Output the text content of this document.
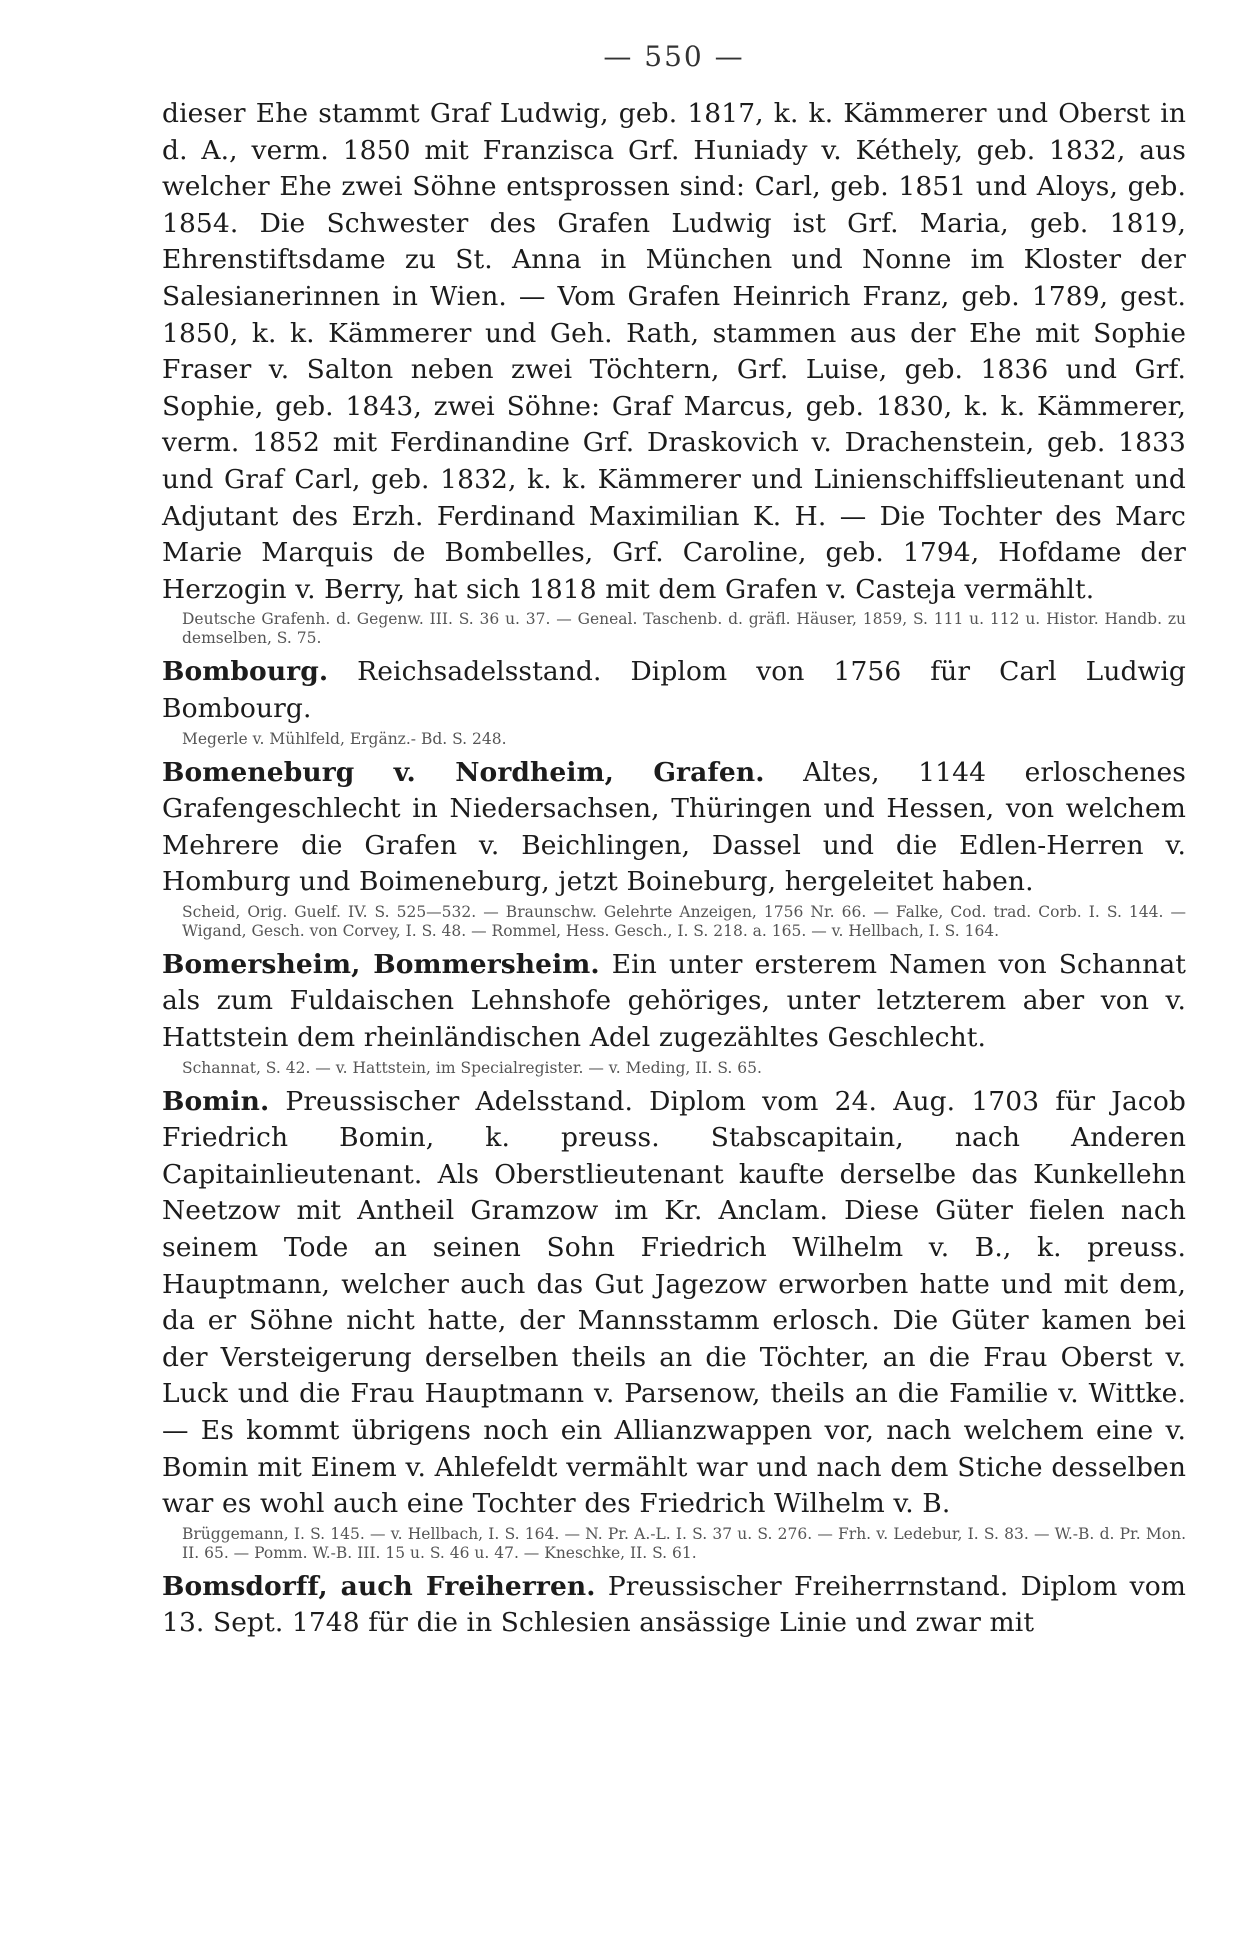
— 550 —

dieser Ehe stammt Graf Ludwig, geb. 1817, k. k. Kämmerer und Oberst in d. A., verm. 1850 mit Franzisca Grf. Huniady v. Kéthely, geb. 1832, aus welcher Ehe zwei Söhne entsprossen sind: Carl, geb. 1851 und Aloys, geb. 1854. Die Schwester des Grafen Ludwig ist Grf. Maria, geb. 1819, Ehrenstiftsdame zu St. Anna in München und Nonne im Kloster der Salesianerinnen in Wien. — Vom Grafen Heinrich Franz, geb. 1789, gest. 1850, k. k. Kämmerer und Geh. Rath, stammen aus der Ehe mit Sophie Fraser v. Salton neben zwei Töchtern, Grf. Luise, geb. 1836 und Grf. Sophie, geb. 1843, zwei Söhne: Graf Marcus, geb. 1830, k. k. Kämmerer, verm. 1852 mit Ferdinandine Grf. Draskovich v. Drachenstein, geb. 1833 und Graf Carl, geb. 1832, k. k. Kämmerer und Linienschiffslieutenant und Adjutant des Erzh. Ferdinand Maximilian K. H. — Die Tochter des Marc Marie Marquis de Bombelles, Grf. Caroline, geb. 1794, Hofdame der Herzogin v. Berry, hat sich 1818 mit dem Grafen v. Casteja vermählt.

Deutsche Grafenh. d. Gegenw. III. S. 36 u. 37. — Geneal. Taschenb. d. gräfl. Häuser, 1859, S. 111 u. 112 u. Histor. Handb. zu demselben, S. 75.

Bombourg. Reichsadelsstand. Diplom von 1756 für Carl Ludwig Bombourg.

Megerle v. Mühlfeld, Ergänz.- Bd. S. 248.

Bomeneburg v. Nordheim, Grafen. Altes, 1144 erloschenes Grafengeschlecht in Niedersachsen, Thüringen und Hessen, von welchem Mehrere die Grafen v. Beichlingen, Dassel und die Edlen-Herren v. Homburg und Boimeneburg, jetzt Boineburg, hergeleitet haben.

Scheid, Orig. Guelf. IV. S. 525—532. — Braunschw. Gelehrte Anzeigen, 1756 Nr. 66. — Falke, Cod. trad. Corb. I. S. 144. — Wigand, Gesch. von Corvey, I. S. 48. — Rommel, Hess. Gesch., I. S. 218. a. 165. — v. Hellbach, I. S. 164.

Bomersheim, Bommersheim. Ein unter ersterem Namen von Schannat als zum Fuldaischen Lehnshofe gehöriges, unter letzterem aber von v. Hattstein dem rheinländischen Adel zugezähltes Geschlecht.

Schannat, S. 42. — v. Hattstein, im Specialregister. — v. Meding, II. S. 65.

Bomin. Preussischer Adelsstand. Diplom vom 24. Aug. 1703 für Jacob Friedrich Bomin, k. preuss. Stabscapitain, nach Anderen Capitainlieutenant. Als Oberstlieutenant kaufte derselbe das Kunkellehn Neetzow mit Antheil Gramzow im Kr. Anclam. Diese Güter fielen nach seinem Tode an seinen Sohn Friedrich Wilhelm v. B., k. preuss. Hauptmann, welcher auch das Gut Jagezow erworben hatte und mit dem, da er Söhne nicht hatte, der Mannsstamm erlosch. Die Güter kamen bei der Versteigerung derselben theils an die Töchter, an die Frau Oberst v. Luck und die Frau Hauptmann v. Parsenow, theils an die Familie v. Wittke. — Es kommt übrigens noch ein Allianzwappen vor, nach welchem eine v. Bomin mit Einem v. Ahlefeldt vermählt war und nach dem Stiche desselben war es wohl auch eine Tochter des Friedrich Wilhelm v. B.

Brüggemann, I. S. 145. — v. Hellbach, I. S. 164. — N. Pr. A.-L. I. S. 37 u. S. 276. — Frh. v. Ledebur, I. S. 83. — W.-B. d. Pr. Mon. II. 65. — Pomm. W.-B. III. 15 u. S. 46 u. 47. — Kneschke, II. S. 61.

Bomsdorff, auch Freiherren. Preussischer Freiherrnstand. Diplom vom 13. Sept. 1748 für die in Schlesien ansässige Linie und zwar mit
